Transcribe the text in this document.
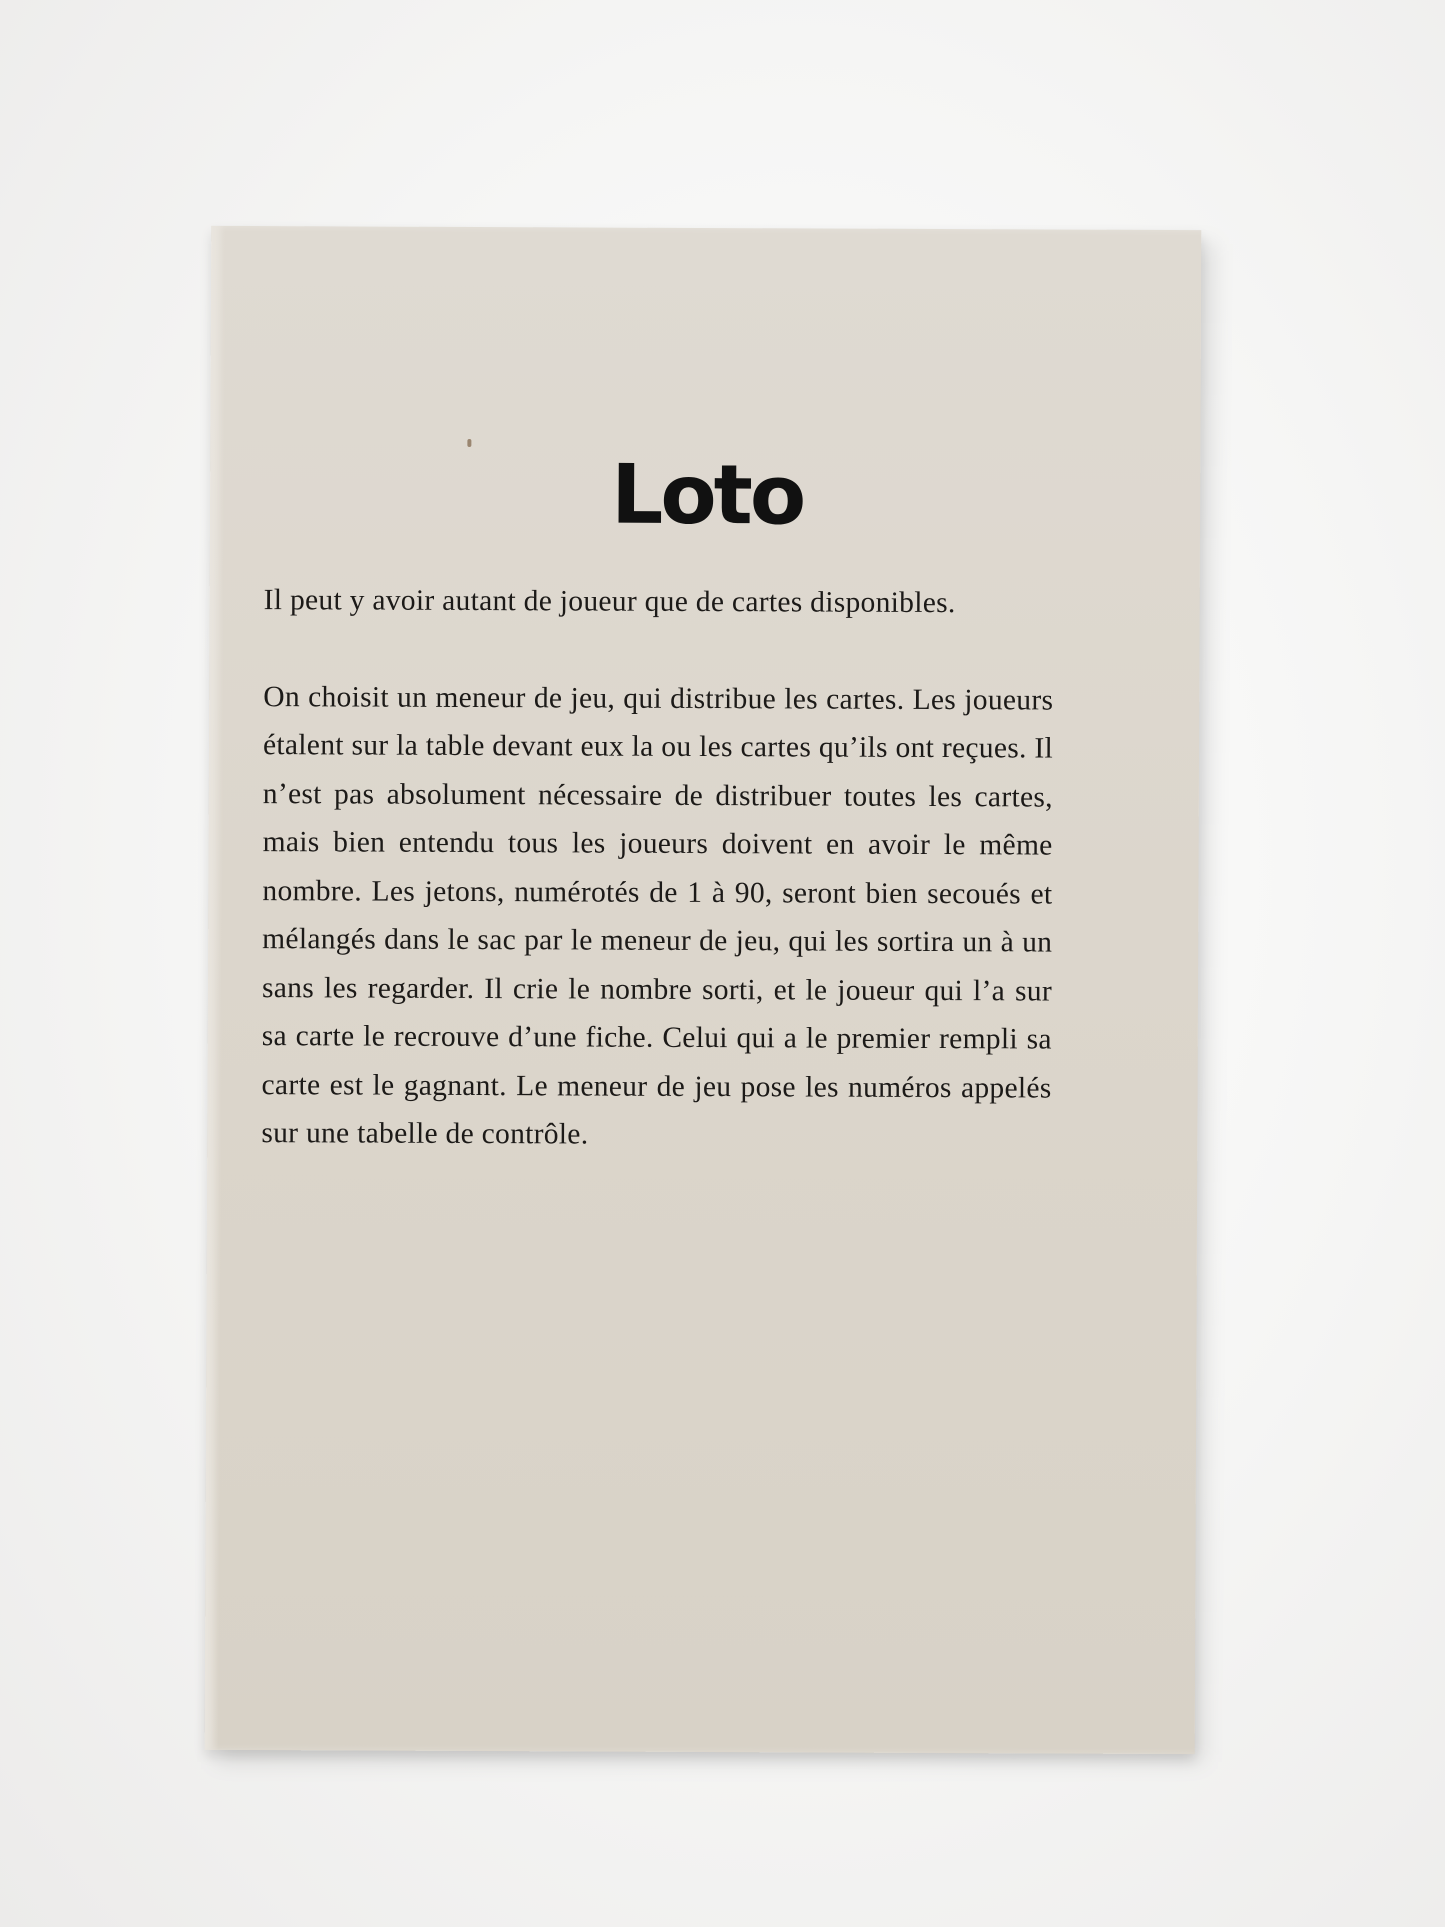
Loto

Il peut y avoir autant de joueur que de cartes disponibles.

On choisit un meneur de jeu, qui distribue les cartes. Les joueurs étalent sur la table devant eux la ou les cartes qu’ils ont reçues. Il n’est pas absolument nécessaire de distribuer toutes les cartes, mais bien entendu tous les joueurs doivent en avoir le même nombre. Les jetons, numérotés de 1 à 90, seront bien secoués et mélangés dans le sac par le meneur de jeu, qui les sortira un à un sans les regarder. Il crie le nombre sorti, et le joueur qui l’a sur sa carte le recrouve d’une fiche. Celui qui a le premier rempli sa carte est le gagnant. Le meneur de jeu pose les numéros appelés sur une tabelle de contrôle.
